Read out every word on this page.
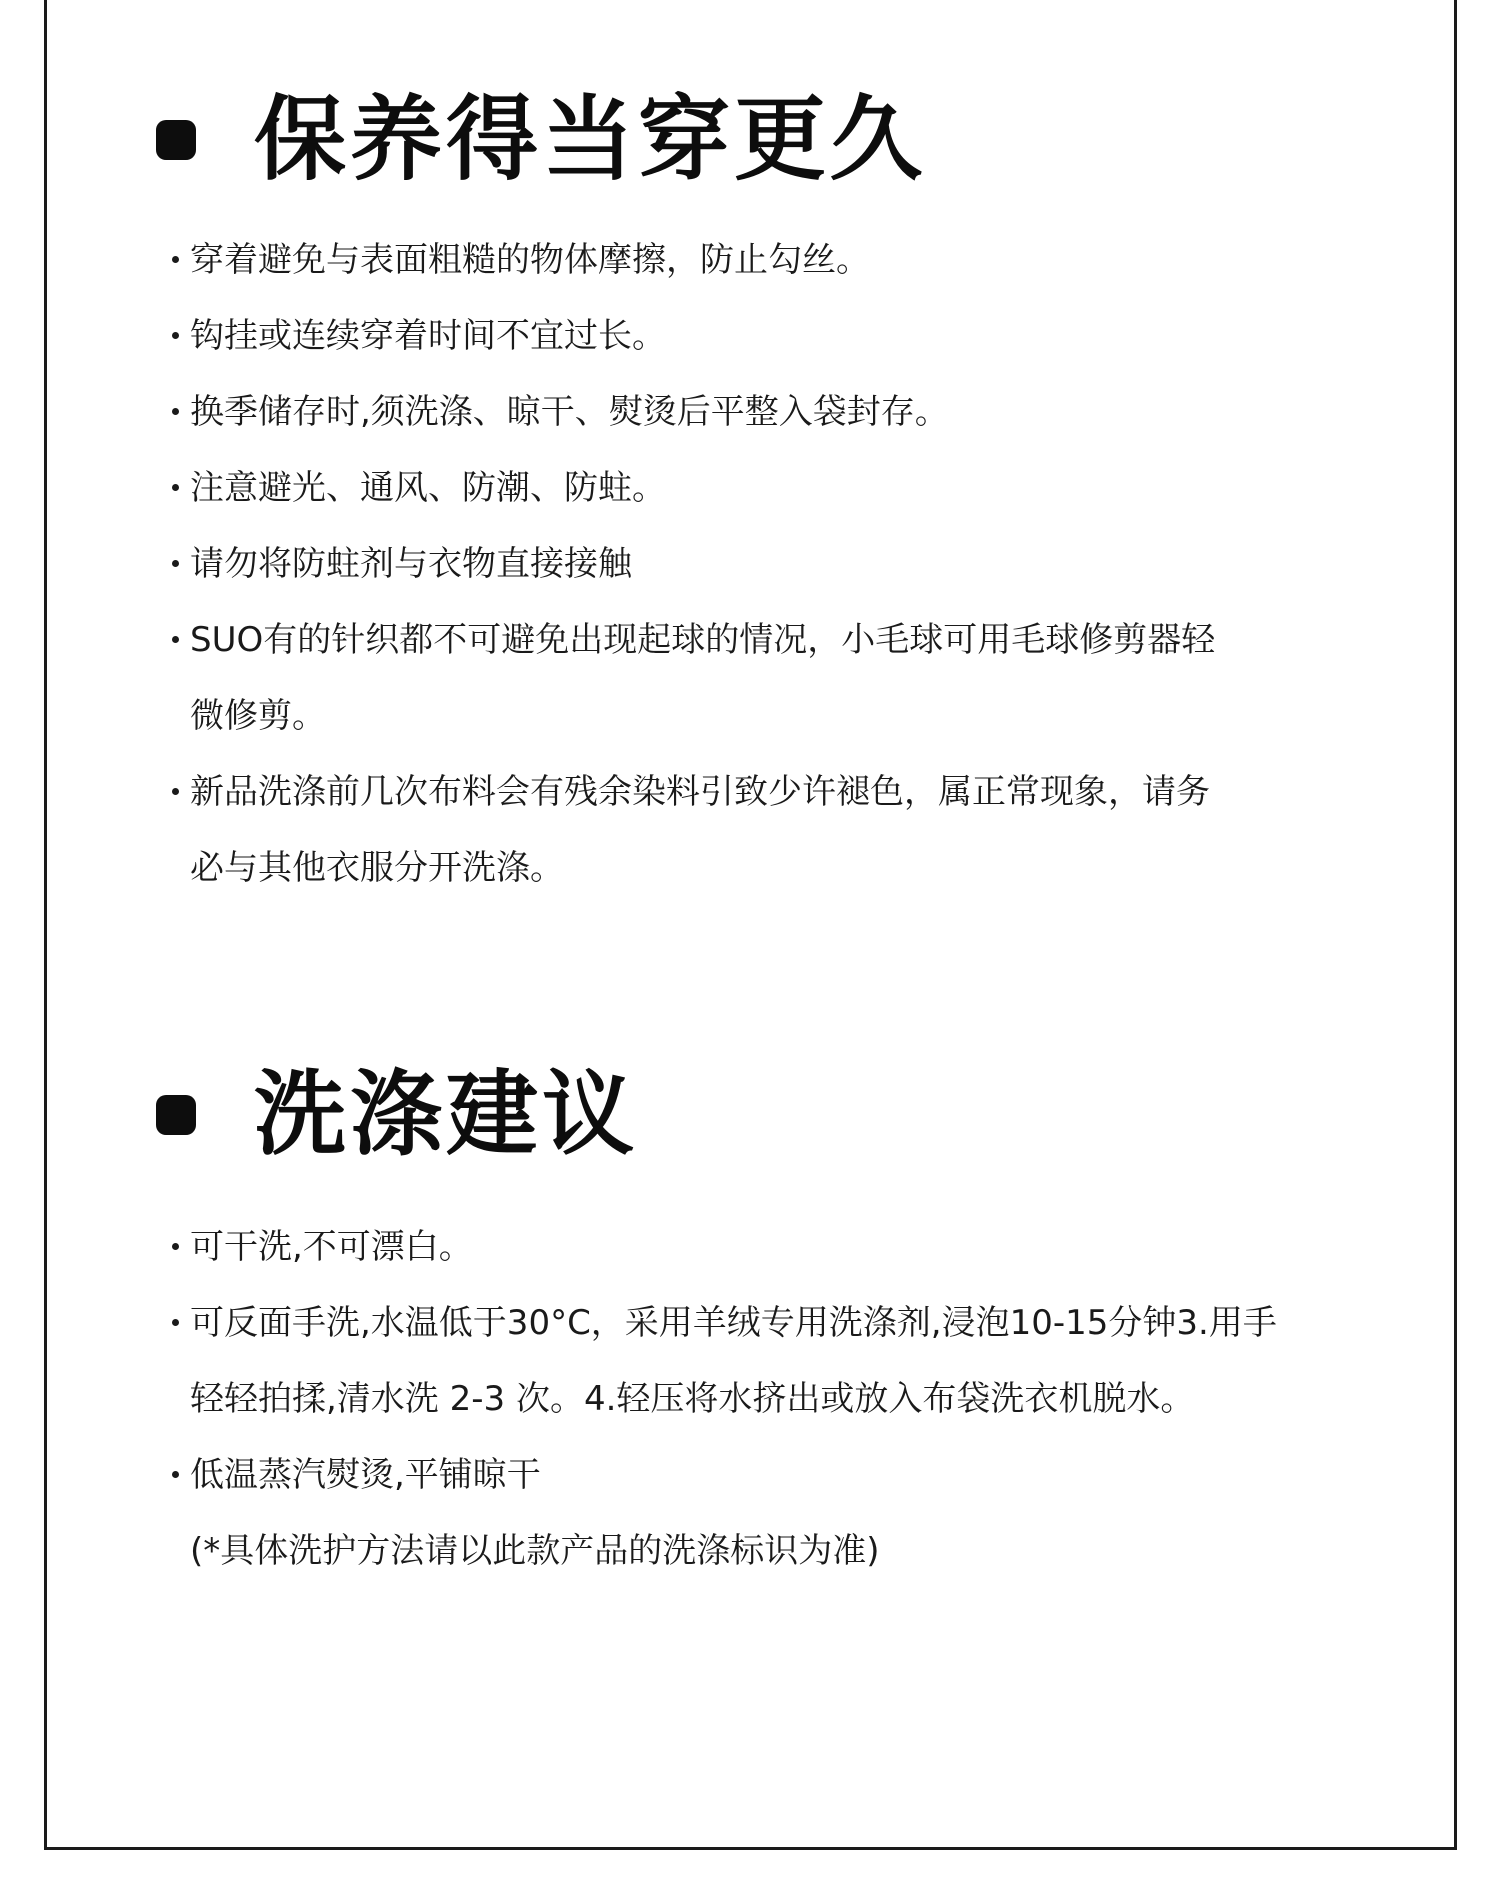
保养得当穿更久
穿着避免与表面粗糙的物体摩擦，防止勾丝。
钩挂或连续穿着时间不宜过长。
换季储存时,须洗涤、晾干、熨烫后平整入袋封存。
注意避光、通风、防潮、防蛀。
请勿将防蛀剂与衣物直接接触
SUO有的针织都不可避免出现起球的情况，小毛球可用毛球修剪器轻微修剪。
新品洗涤前几次布料会有残余染料引致少许褪色，属正常现象，请务必与其他衣服分开洗涤。
洗涤建议
可干洗,不可漂白。
可反面手洗,水温低于30°C，采用羊绒专用洗涤剂,浸泡10-15分钟3.用手轻轻拍揉,清水洗 2-3 次。4.轻压将水挤出或放入布袋洗衣机脱水。
低温蒸汽熨烫,平铺晾干
(*具体洗护方法请以此款产品的洗涤标识为准)
